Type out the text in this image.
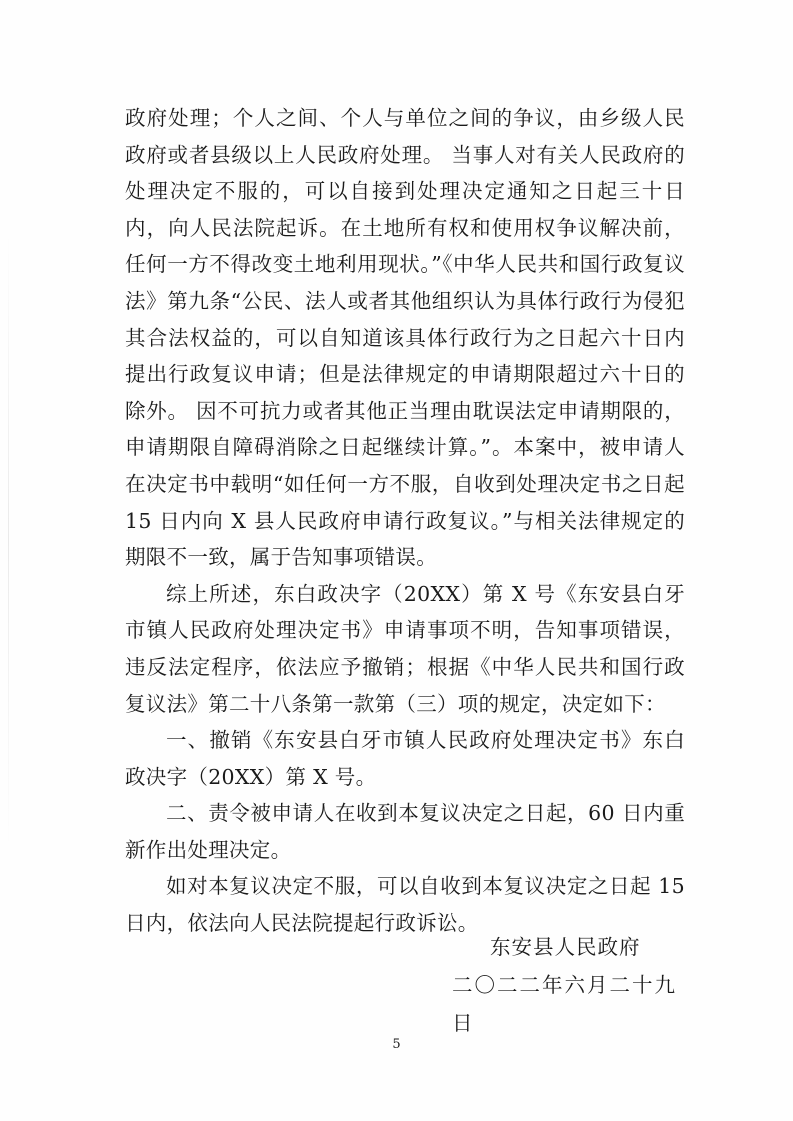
政府处理；个人之间、个人与单位之间的争议，由乡级人民政府或者县级以上人民政府处理。 当事人对有关人民政府的处理决定不服的，可以自接到处理决定通知之日起三十日内，向人民法院起诉。在土地所有权和使用权争议解决前，任何一方不得改变土地利用现状。”《中华人民共和国行政复议法》第九条“公民、法人或者其他组织认为具体行政行为侵犯其合法权益的，可以自知道该具体行政行为之日起六十日内提出行政复议申请；但是法律规定的申请期限超过六十日的除外。 因不可抗力或者其他正当理由耽误法定申请期限的，申请期限自障碍消除之日起继续计算。”。本案中，被申请人在决定书中载明“如任何一方不服，自收到处理决定书之日起 15 日内向 X 县人民政府申请行政复议。”与相关法律规定的期限不一致，属于告知事项错误。

综上所述，东白政决字（20XX）第 X 号《东安县白牙市镇人民政府处理决定书》申请事项不明，告知事项错误，违反法定程序，依法应予撤销；根据《中华人民共和国行政复议法》第二十八条第一款第（三）项的规定，决定如下：

一、撤销《东安县白牙市镇人民政府处理决定书》东白政决字（20XX）第 X 号。

二、责令被申请人在收到本复议决定之日起，60 日内重新作出处理决定。

如对本复议决定不服，可以自收到本复议决定之日起 15 日内，依法向人民法院提起行政诉讼。

东安县人民政府
二〇二二年六月二十九日
5
